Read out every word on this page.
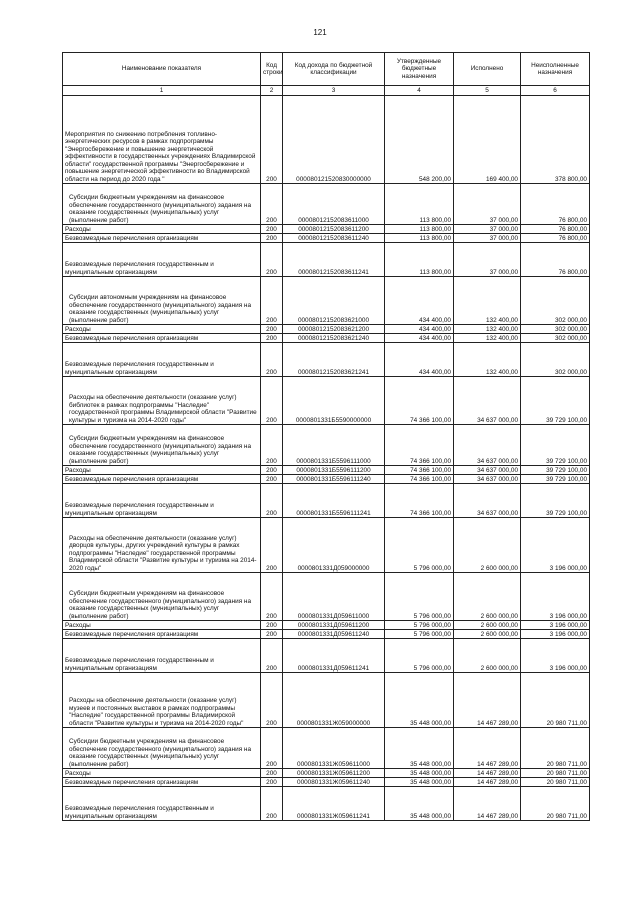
121
Наименование показателя	Код строки	Код дохода по бюджетной классификации	Утвержденные бюджетные назначения	Исполнено	Неисполненные назначения
1	2	3	4	5	6
Мероприятия по снижению потребления топливно-энергетических ресурсов в рамках подпрограммы "Энергосбережение и повышение энергетической эффективности в государственных учреждениях Владимирской области" государственной программы "Энергосбережение и повышение энергетической эффективности во Владимирской области на период до 2020 года "	200	000080121520830000000	548 200,00	169 400,00	378 800,00
Субсидии бюджетным учреждениям на финансовое обеспечение государственного (муниципального) задания на оказание государственных (муниципальных) услуг (выполнение работ)	200	00008012152083611000	113 800,00	37 000,00	76 800,00
Расходы	200	00008012152083611200	113 800,00	37 000,00	76 800,00
Безвозмездные перечисления организациям	200	00008012152083611240	113 800,00	37 000,00	76 800,00
Безвозмездные перечисления государственным и муниципальным организациям	200	00008012152083611241	113 800,00	37 000,00	76 800,00
Субсидии автономным учреждениям на финансовое обеспечение государственного (муниципального) задания на оказание государственных (муниципальных) услуг (выполнение работ)	200	00008012152083621000	434 400,00	132 400,00	302 000,00
Расходы	200	00008012152083621200	434 400,00	132 400,00	302 000,00
Безвозмездные перечисления организациям	200	00008012152083621240	434 400,00	132 400,00	302 000,00
Безвозмездные перечисления государственным и муниципальным организациям	200	00008012152083621241	434 400,00	132 400,00	302 000,00
Расходы на обеспечение деятельности (оказание услуг) библиотек в рамках подпрограммы "Наследие" государственной программы Владимирской области "Развитие культуры и туризма на 2014-2020 годы"	200	0000801331Б5590000000	74 366 100,00	34 637 000,00	39 729 100,00
Субсидии бюджетным учреждениям на финансовое обеспечение государственного (муниципального) задания на оказание государственных (муниципальных) услуг (выполнение работ)	200	0000801331Б5596111000	74 366 100,00	34 637 000,00	39 729 100,00
Расходы	200	0000801331Б5596111200	74 366 100,00	34 637 000,00	39 729 100,00
Безвозмездные перечисления организациям	200	0000801331Б5596111240	74 366 100,00	34 637 000,00	39 729 100,00
Безвозмездные перечисления государственным и муниципальным организациям	200	0000801331Б5596111241	74 366 100,00	34 637 000,00	39 729 100,00
Расходы на обеспечение деятельности (оказание услуг) дворцов культуры, других учреждений культуры в рамках подпрограммы "Наследие" государственной программы Владимирской области "Развитие культуры и туризма на 2014-2020 годы"	200	0000801331Д059000000	5 796 000,00	2 600 000,00	3 196 000,00
Субсидии бюджетным учреждениям на финансовое обеспечение государственного (муниципального) задания на оказание государственных (муниципальных) услуг (выполнение работ)	200	0000801331Д059611000	5 796 000,00	2 600 000,00	3 196 000,00
Расходы	200	0000801331Д059611200	5 796 000,00	2 600 000,00	3 196 000,00
Безвозмездные перечисления организациям	200	0000801331Д059611240	5 796 000,00	2 600 000,00	3 196 000,00
Безвозмездные перечисления государственным и муниципальным организациям	200	0000801331Д059611241	5 796 000,00	2 600 000,00	3 196 000,00
Расходы на обеспечение деятельности (оказание услуг) музеев и постоянных выставок в рамках подпрограммы "Наследие" государственной программы Владимирской области "Развитие культуры и туризма на 2014-2020 годы"	200	0000801331Ж059000000	35 448 000,00	14 467 289,00	20 980 711,00
Субсидии бюджетным учреждениям на финансовое обеспечение государственного (муниципального) задания на оказание государственных (муниципальных) услуг (выполнение работ)	200	0000801331Ж059611000	35 448 000,00	14 467 289,00	20 980 711,00
Расходы	200	0000801331Ж059611200	35 448 000,00	14 467 289,00	20 980 711,00
Безвозмездные перечисления организациям	200	0000801331Ж059611240	35 448 000,00	14 467 289,00	20 980 711,00
Безвозмездные перечисления государственным и муниципальным организациям	200	0000801331Ж059611241	35 448 000,00	14 467 289,00	20 980 711,00
